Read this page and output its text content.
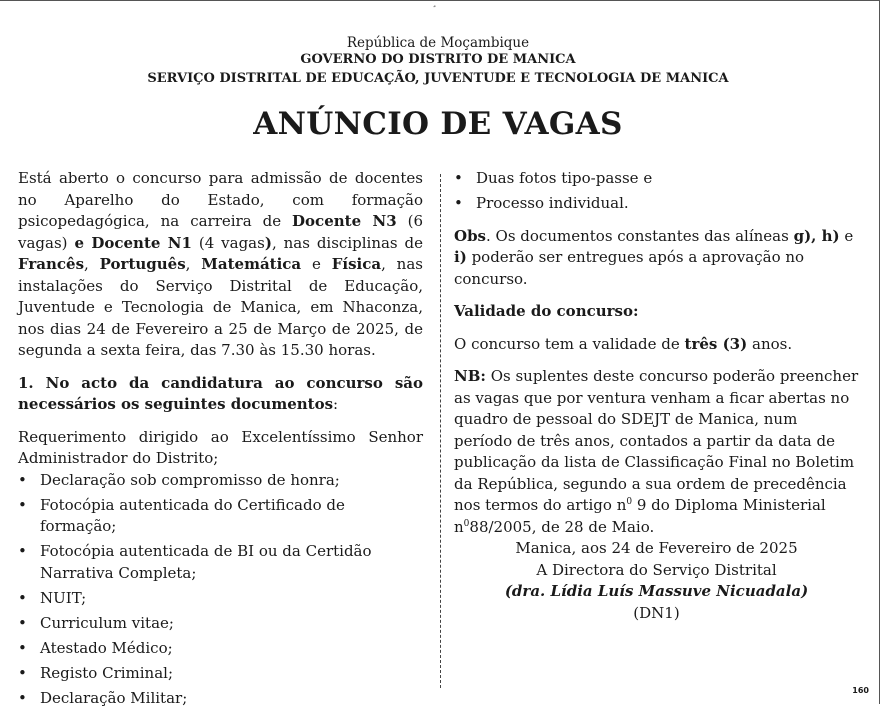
¸
República de Moçambique
GOVERNO DO DISTRITO DE MANICA
SERVIÇO DISTRITAL DE EDUCAÇÃO, JUVENTUDE E TECNOLOGIA DE MANICA
ANÚNCIO DE VAGAS

Está aberto o concurso para admissão de docentes no Aparelho do Estado, com formação psicopedagógica, na carreira de Docente N3 (6 vagas) e Docente N1 (4 vagas), nas disciplinas de Francês, Português, Matemática e Física, nas instalações do Serviço Distrital de Educação, Juventude e Tecnologia de Manica, em Nhaconza, nos dias 24 de Fevereiro a 25 de Março de 2025, de segunda a sexta feira, das 7.30 às 15.30 horas.

1. No acto da candidatura ao concurso são necessários os seguintes documentos:

Requerimento dirigido ao Excelentíssimo Senhor Administrador do Distrito;

• Declaração sob compromisso de honra;
• Fotocópia autenticada do Certificado de formação;
• Fotocópia autenticada de BI ou da Certidão Narrativa Completa;
• NUIT;
• Curriculum vitae;
• Atestado Médico;
• Registo Criminal;
• Declaração Militar;
• Duas fotos tipo-passe e
• Processo individual.

Obs. Os documentos constantes das alíneas g), h) e i) poderão ser entregues após a aprovação no concurso.

Validade do concurso:

O concurso tem a validade de três (3) anos.

NB: Os suplentes deste concurso poderão preencher as vagas que por ventura venham a ficar abertas no quadro de pessoal do SDEJT de Manica, num período de três anos, contados a partir da data de publicação da lista de Classificação Final no Boletim da República, segundo a sua ordem de precedência nos termos do artigo $n^0$ 9 do Diploma Ministerial $n^088/2005$, de 28 de Maio.

Manica, aos 24 de Fevereiro de 2025

A Directora do Serviço Distrital

(dra. Lídia Luís Massuve Nicuadala)

(DN1)

160
